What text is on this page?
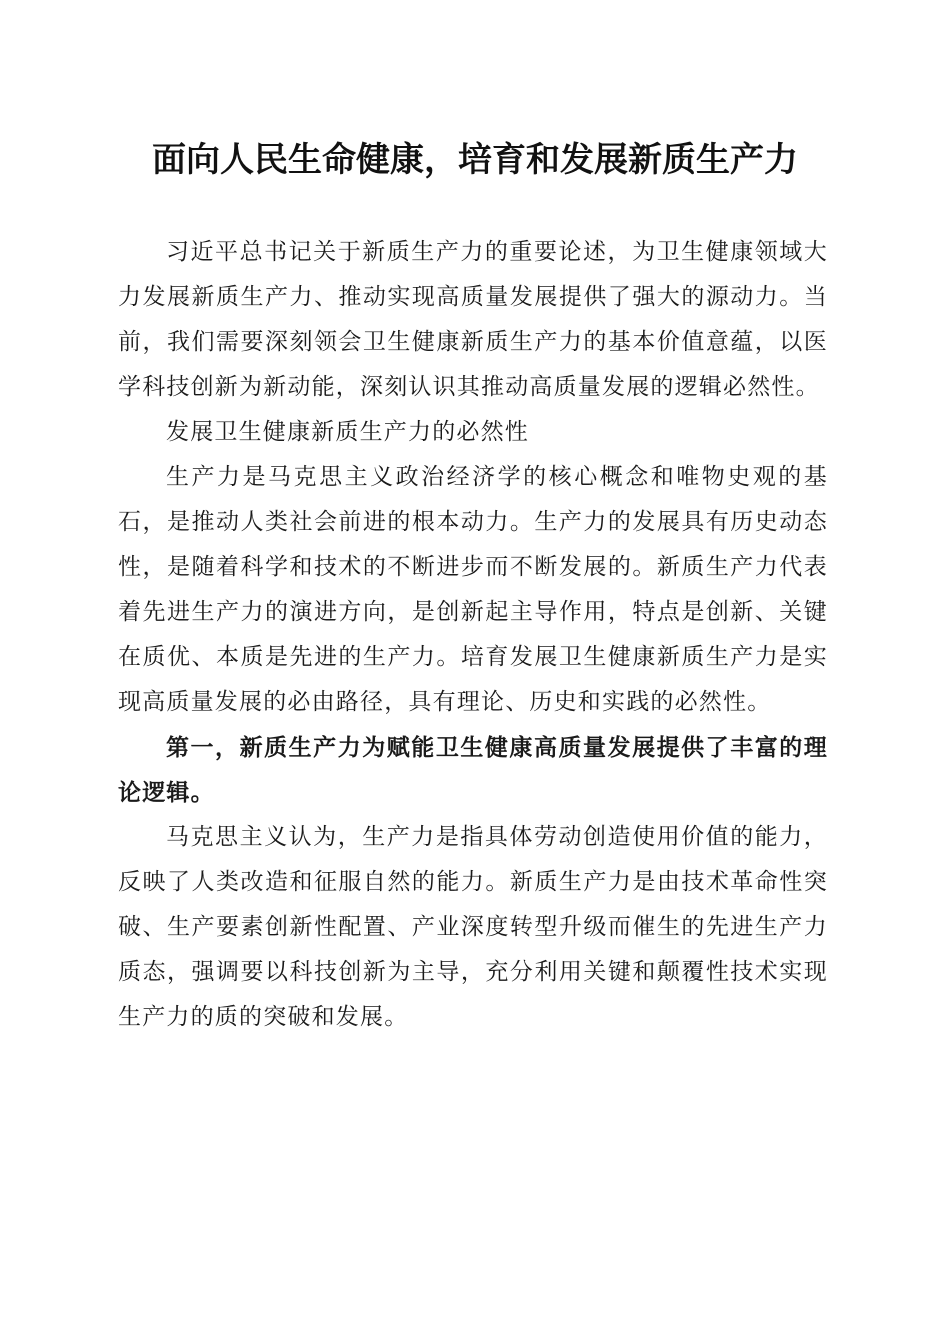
面向人民生命健康，培育和发展新质生产力

习近平总书记关于新质生产力的重要论述，为卫生健康领域大力发展新质生产力、推动实现高质量发展提供了强大的源动力。当前，我们需要深刻领会卫生健康新质生产力的基本价值意蕴，以医学科技创新为新动能，深刻认识其推动高质量发展的逻辑必然性。

发展卫生健康新质生产力的必然性

生产力是马克思主义政治经济学的核心概念和唯物史观的基石，是推动人类社会前进的根本动力。生产力的发展具有历史动态性，是随着科学和技术的不断进步而不断发展的。新质生产力代表着先进生产力的演进方向，是创新起主导作用，特点是创新、关键在质优、本质是先进的生产力。培育发展卫生健康新质生产力是实现高质量发展的必由路径，具有理论、历史和实践的必然性。

第一，新质生产力为赋能卫生健康高质量发展提供了丰富的理论逻辑。

马克思主义认为，生产力是指具体劳动创造使用价值的能力，反映了人类改造和征服自然的能力。新质生产力是由技术革命性突破、生产要素创新性配置、产业深度转型升级而催生的先进生产力质态，强调要以科技创新为主导，充分利用关键和颠覆性技术实现生产力的质的突破和发展。
